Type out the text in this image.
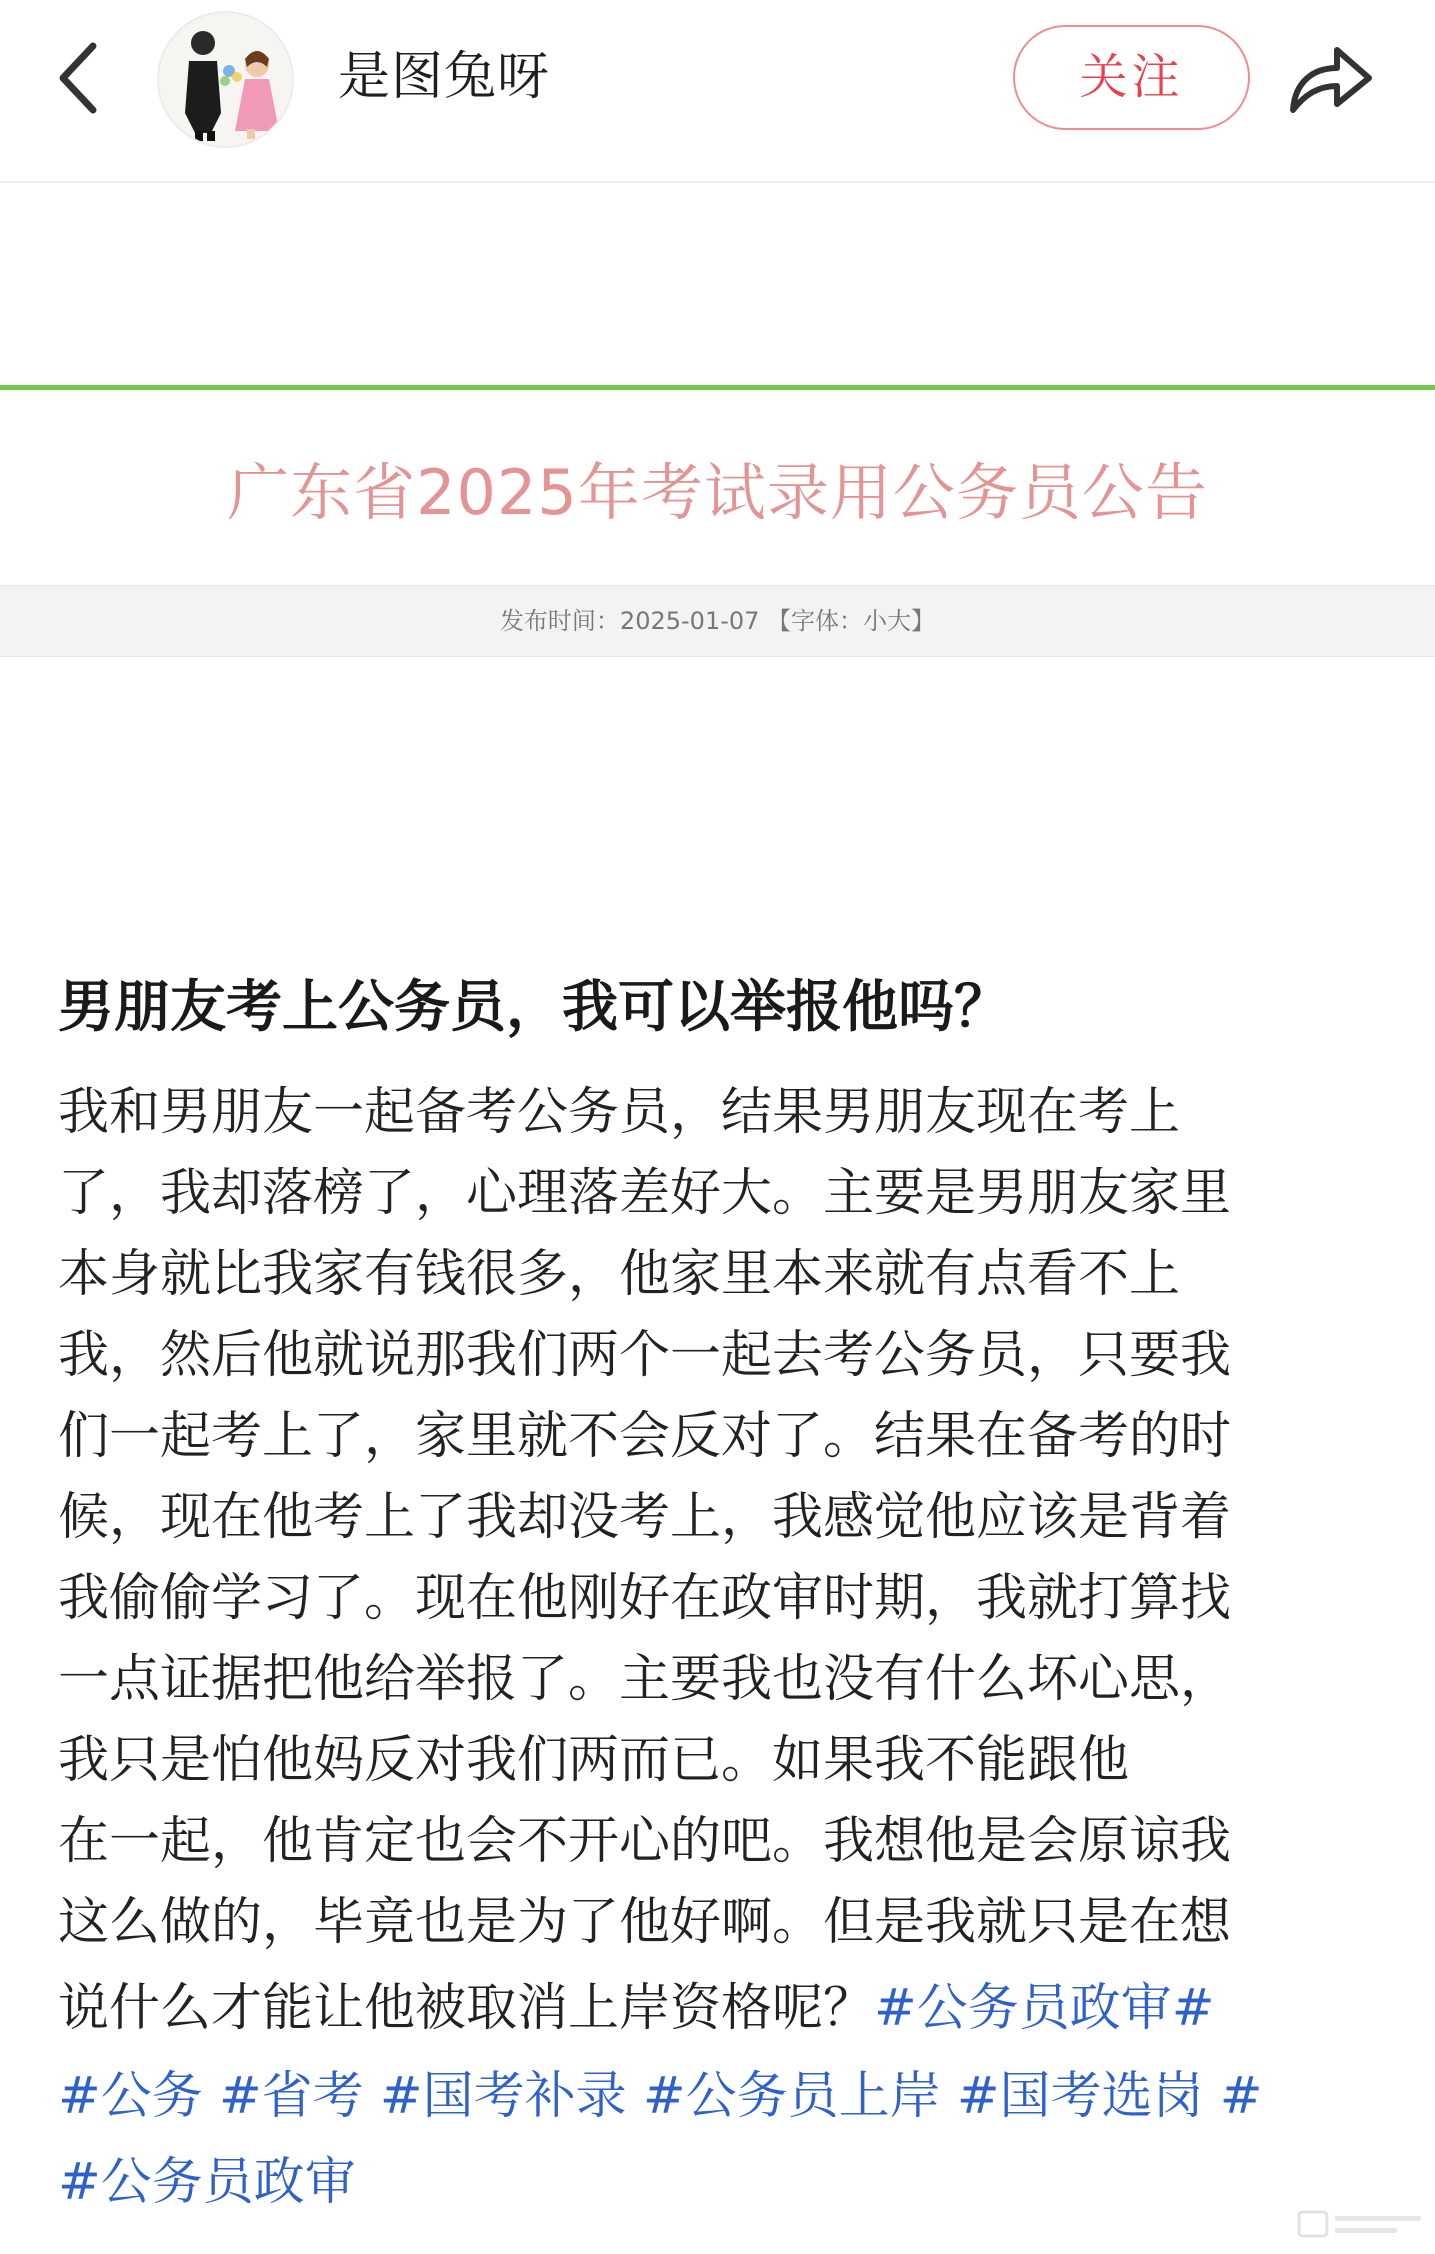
是图兔呀	关注
广东省2025年考试录用公务员公告
发布时间：2025-01-07 【字体：小大】
男朋友考上公务员，我可以举报他吗？
我和男朋友一起备考公务员，结果男朋友现在考上
了，我却落榜了，心理落差好大。主要是男朋友家里
本身就比我家有钱很多，他家里本来就有点看不上
我，然后他就说那我们两个一起去考公务员，只要我
们一起考上了，家里就不会反对了。结果在备考的时
候，现在他考上了我却没考上，我感觉他应该是背着
我偷偷学习了。现在他刚好在政审时期，我就打算找
一点证据把他给举报了。主要我也没有什么坏心思，
我只是怕他妈反对我们两而已。如果我不能跟他
在一起，他肯定也会不开心的吧。我想他是会原谅我
这么做的，毕竟也是为了他好啊。但是我就只是在想
说什么才能让他被取消上岸资格呢？#公务员政审#
#公务 #省考 #国考补录 #公务员上岸 #国考选岗 #
#公务员政审
